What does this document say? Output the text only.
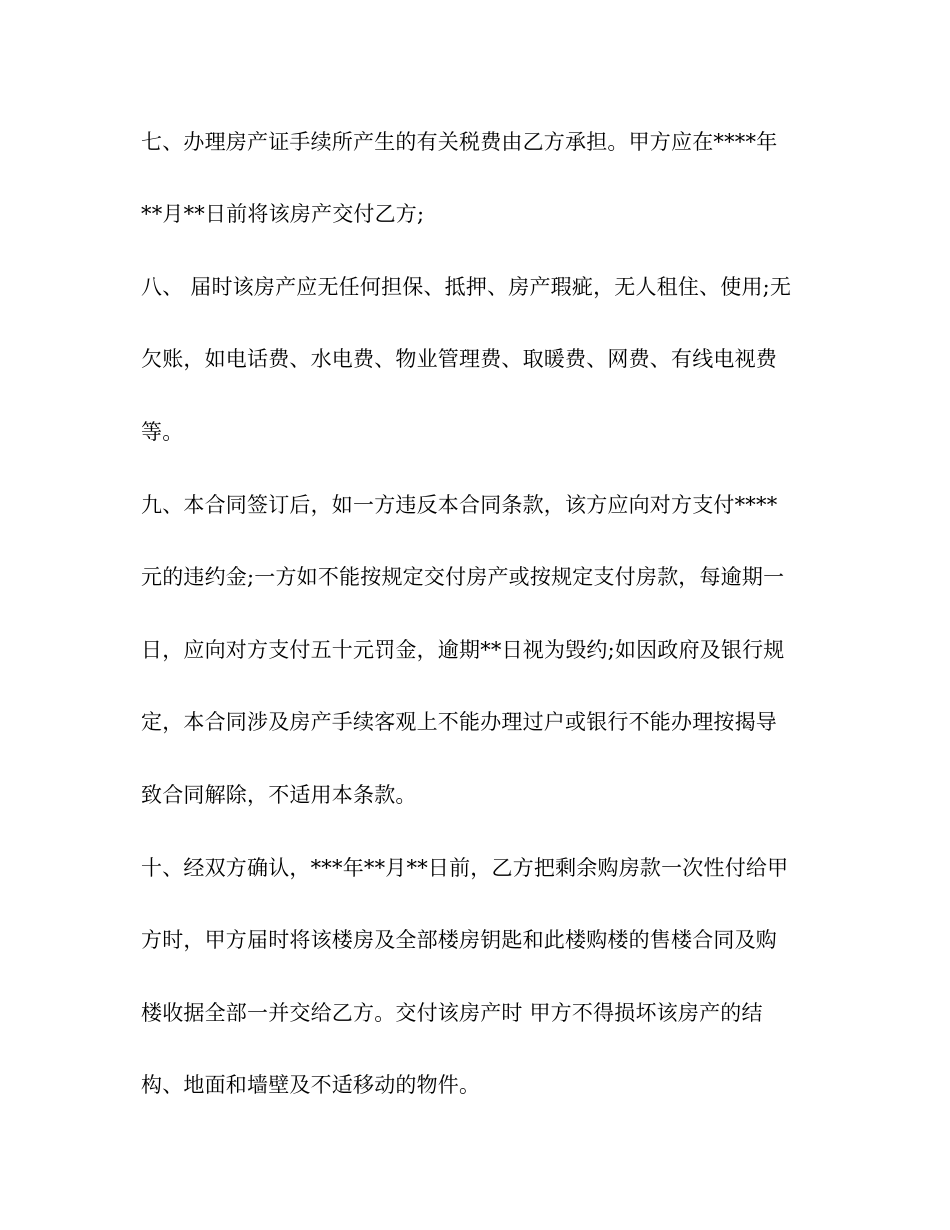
七、办理房产证手续所产生的有关税费由乙方承担。甲方应在****年
**月**日前将该房产交付乙方;
八、 届时该房产应无任何担保、抵押、房产瑕疵，无人租住、使用;无
欠账，如电话费、水电费、物业管理费、取暖费、网费、有线电视费
等。
九、本合同签订后，如一方违反本合同条款，该方应向对方支付****
元的违约金;一方如不能按规定交付房产或按规定支付房款，每逾期一
日，应向对方支付五十元罚金，逾期**日视为毁约;如因政府及银行规
定，本合同涉及房产手续客观上不能办理过户或银行不能办理按揭导
致合同解除，不适用本条款。
十、经双方确认，***年**月**日前，乙方把剩余购房款一次性付给甲
方时，甲方届时将该楼房及全部楼房钥匙和此楼购楼的售楼合同及购
楼收据全部一并交给乙方。交付该房产时 甲方不得损坏该房产的结
构、地面和墙壁及不适移动的物件。
